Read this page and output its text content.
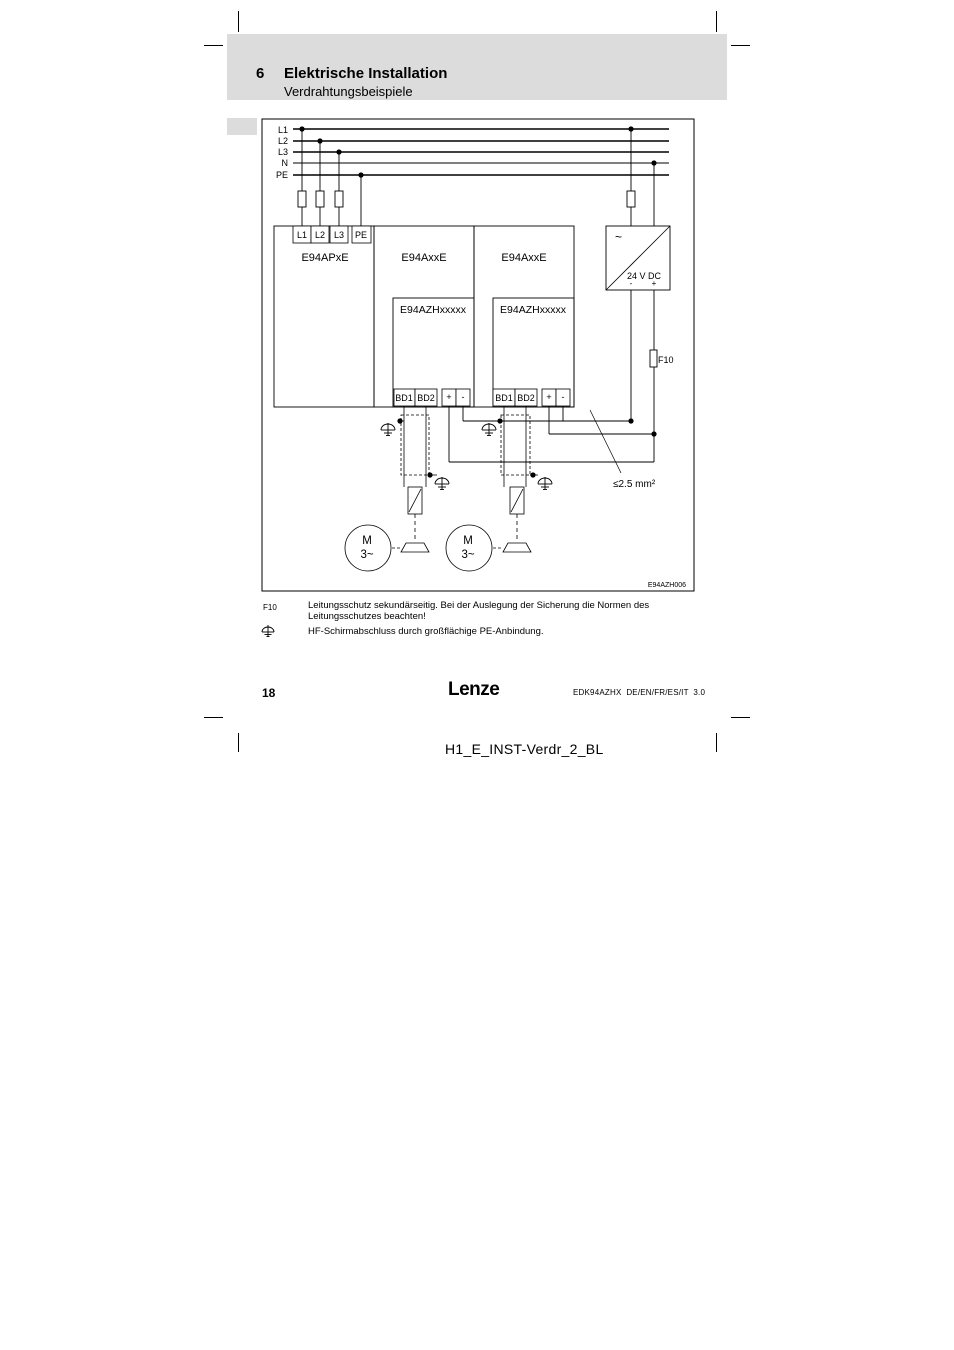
6 Elektrische Installation
Verdrahtungsbeispiele
L1
L2
L3
N
PE
L1 L2 L3 PE
E94APxE	E94AxxE	E94AxxE
E94AZHxxxxx	E94AZHxxxxx
BD1 BD2 + -	BD1 BD2 + -
~
24 V DC
- +
F10
≤2.5 mm²
M
3~
M
3~
E94AZH006
F10	Leitungsschutz sekundärseitig. Bei der Auslegung der Sicherung die Normen des Leitungsschutzes beachten!
HF-Schirmabschluss durch großflächige PE-Anbindung.
18	Lenze	EDK94AZHX  DE/EN/FR/ES/IT  3.0
H1_E_INST-Verdr_2_BL
